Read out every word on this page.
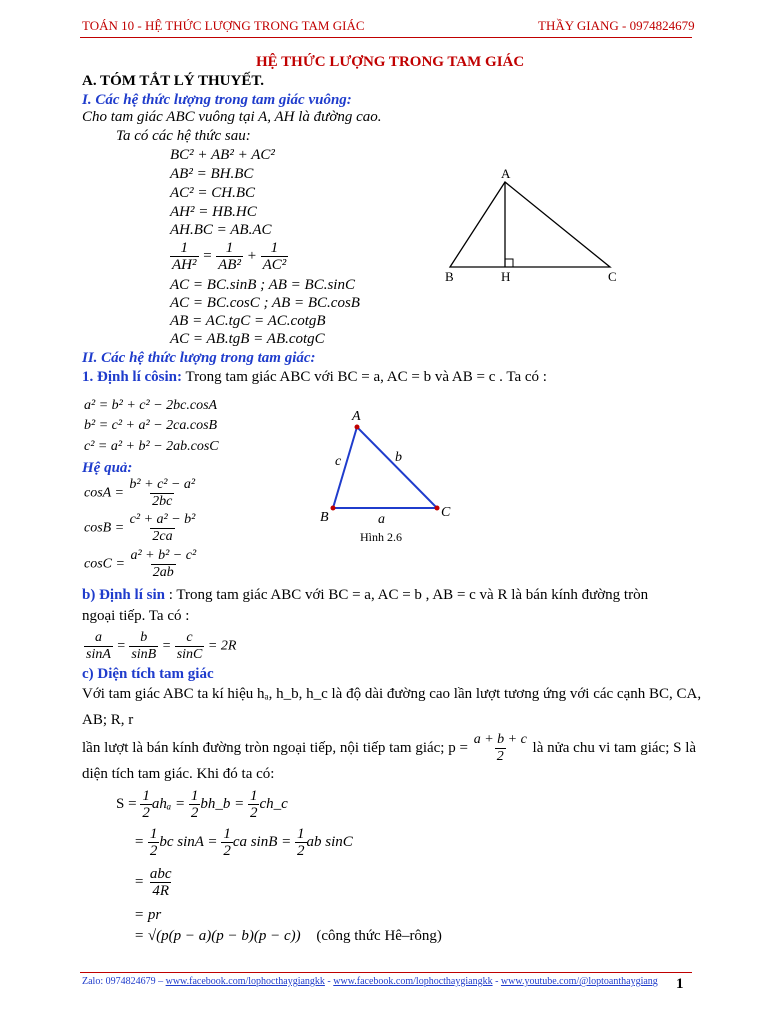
TOÁN 10 - HỆ THỨC LƯỢNG TRONG TAM GIÁC	THẦY GIANG - 0974824679
HỆ THỨC LƯỢNG TRONG TAM GIÁC
A. TÓM TẮT LÝ THUYẾT.
I. Các hệ thức lượng trong tam giác vuông:
Cho tam giác ABC vuông tại A, AH là đường cao.
Ta có các hệ thức sau:
BC² + AB² + AC²
AB² = BH.BC
AC² = CH.BC
AH² = HB.HC
AH.BC = AB.AC
$\frac{1}{\text{AH²}} = \frac{1}{\text{AB²}} + \frac{1}{\text{AC²}}$
AC = BC.sinB ; AB = BC.sinC
AC = BC.cosC ; AB = BC.cosB
AB = AC.tgC = AC.cotgB
AC = AB.tgB = AB.cotgC
A
B	H	C
II. Các hệ thức lượng trong tam giác:
1. Định lí côsin: Trong tam giác ABC với BC = a, AC = b và AB = c . Ta có :
a² = b² + c² − 2bc.cosA
b² = c² + a² − 2ca.cosB
c² = a² + b² − 2ab.cosC
Hệ quả:
$\cos A = \frac{\text{b² + c² − a²}}{2bc}$
$\cos B = \frac{\text{c² + a² − b²}}{2ca}$
$\cos C = \frac{\text{a² + b² − c²}}{2ab}$
A
B	C
c	b
a
Hình 2.6
b) Định lí sin : Trong tam giác ABC với BC = a, AC = b , AB = c và R là bán kính đường tròn
ngoại tiếp. Ta có :
$\frac{a}{\sin A} = \frac{b}{\sin B} = \frac{c}{\sin C} = 2R$
c) Diện tích tam giác
Với tam giác ABC ta kí hiệu hₐ, h_b, h_c là độ dài đường cao lần lượt tương ứng với các cạnh BC, CA,
AB; R, r
lần lượt là bán kính đường tròn ngoại tiếp, nội tiếp tam giác; $p = \frac{a + b + c}{2}$ là nửa chu vi tam giác; S là
diện tích tam giác. Khi đó ta có:
$S = \frac{1}{2}$ $ah_a = \frac{1}{2}$ bh_b = $\frac{1}{2}$ ch_c
= $\frac{1}{2}$ bc $\sin A = \frac{1}{2}$ ca $\sin B = \frac{1}{2}$ ab sinC
= $\frac{\text{abc}}{4R}$
= pr
= √(p(p − a)(p − b)(p − c)) (công thức Hê–rông)
Zalo: 0974824679 – www.facebook.com/lophocthaygiangkk - www.facebook.com/lophocthaygiangkk - www.youtube.com/@loptoanthaygiang 1
